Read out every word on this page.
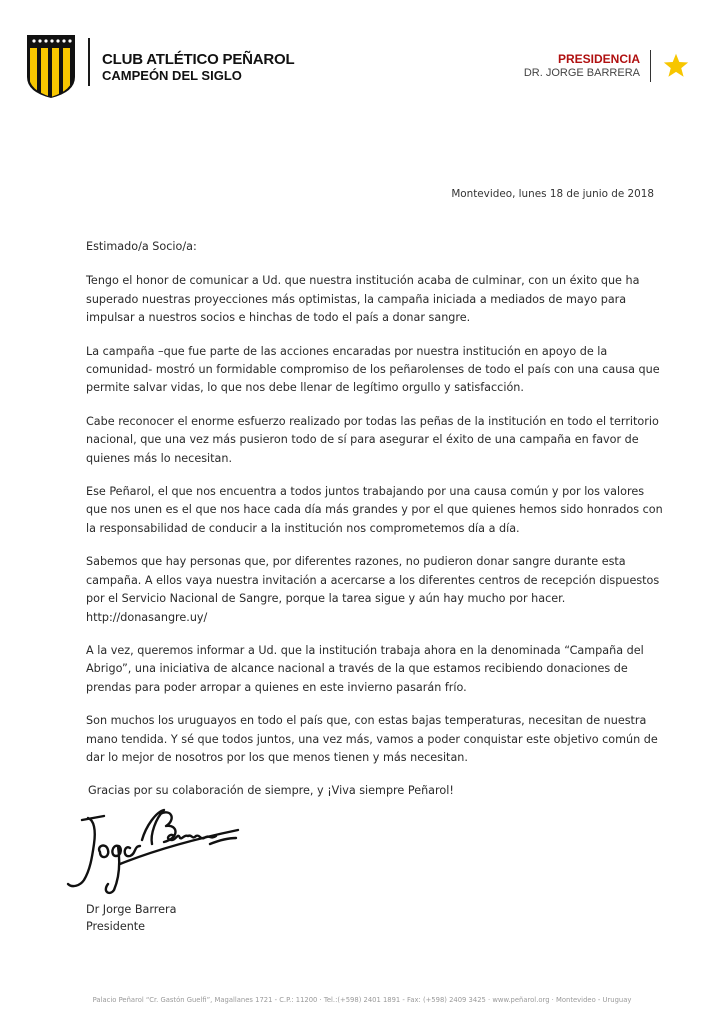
CLUB ATLÉTICO PEÑAROL
CAMPEÓN DEL SIGLO
PRESIDENCIA
DR. JORGE BARRERA
Montevideo, lunes 18 de junio de 2018

Estimado/a Socio/a:

Tengo el honor de comunicar a Ud. que nuestra institución acaba de culminar, con un éxito que ha superado nuestras proyecciones más optimistas, la campaña iniciada a mediados de mayo para impulsar a nuestros socios e hinchas de todo el país a donar sangre.

La campaña –que fue parte de las acciones encaradas por nuestra institución en apoyo de la comunidad- mostró un formidable compromiso de los peñarolenses de todo el país con una causa que permite salvar vidas, lo que nos debe llenar de legítimo orgullo y satisfacción.

Cabe reconocer el enorme esfuerzo realizado por todas las peñas de la institución en todo el territorio nacional, que una vez más pusieron todo de sí para asegurar el éxito de una campaña en favor de quienes más lo necesitan.

Ese Peñarol, el que nos encuentra a todos juntos trabajando por una causa común y por los valores que nos unen es el que nos hace cada día más grandes y por el que quienes hemos sido honrados con la responsabilidad de conducir a la institución nos comprometemos día a día.

Sabemos que hay personas que, por diferentes razones, no pudieron donar sangre durante esta campaña. A ellos vaya nuestra invitación a acercarse a los diferentes centros de recepción dispuestos por el Servicio Nacional de Sangre, porque la tarea sigue y aún hay mucho por hacer. http://donasangre.uy/

A la vez, queremos informar a Ud. que la institución trabaja ahora en la denominada “Campaña del Abrigo”, una iniciativa de alcance nacional a través de la que estamos recibiendo donaciones de prendas para poder arropar a quienes en este invierno pasarán frío.

Son muchos los uruguayos en todo el país que, con estas bajas temperaturas, necesitan de nuestra mano tendida. Y sé que todos juntos, una vez más, vamos a poder conquistar este objetivo común de dar lo mejor de nosotros por los que menos tienen y más necesitan.

Gracias por su colaboración de siempre, y ¡Viva siempre Peñarol!

Dr Jorge Barrera
Presidente
Palacio Peñarol “Cr. Gastón Guelfi”, Magallanes 1721 - C.P.: 11200 · Tel.:(+598) 2401 1891 - Fax: (+598) 2409 3425 · www.peñarol.org · Montevideo - Uruguay
